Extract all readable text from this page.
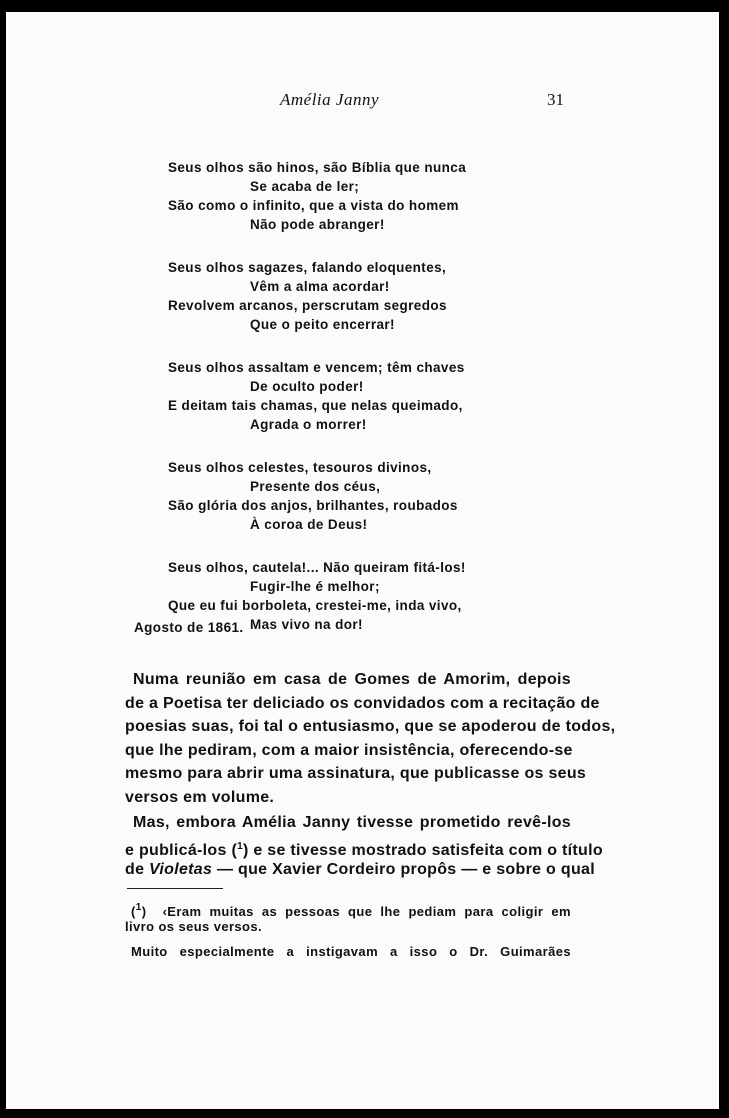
Amélia Janny	31
Seus olhos são hinos, são Bíblia que nunca
Se acaba de ler;
São como o infinito, que a vista do homem
Não pode abranger!
Seus olhos sagazes, falando eloquentes,
Vêm a alma acordar!
Revolvem arcanos, perscrutam segredos
Que o peito encerrar!
Seus olhos assaltam e vencem; têm chaves
De oculto poder!
E deitam tais chamas, que nelas queimado,
Agrada o morrer!
Seus olhos celestes, tesouros divinos,
Presente dos céus,
São glória dos anjos, brilhantes, roubados
À coroa de Deus!
Seus olhos, cautela!... Não queiram fitá-los!
Fugir-lhe é melhor;
Que eu fui borboleta, crestei-me, inda vivo,
Mas vivo na dor!
Agosto de 1861.
Numa reunião em casa de Gomes de Amorim, depois
de a Poetisa ter deliciado os convidados com a recitação de
poesias suas, foi tal o entusiasmo, que se apoderou de todos,
que lhe pediram, com a maior insistência, oferecendo-se
mesmo para abrir uma assinatura, que publicasse os seus
versos em volume.
Mas, embora Amélia Janny tivesse prometido revê-los
e publicá-los ($^1$) e se tivesse mostrado satisfeita com o título
de Violetas — que Xavier Cordeiro propôs — e sobre o qual
($^1$)  ‹Eram muitas as pessoas que lhe pediam para coligir em
livro os seus versos.
Muito especialmente a instigavam a isso o Dr. Guimarães
